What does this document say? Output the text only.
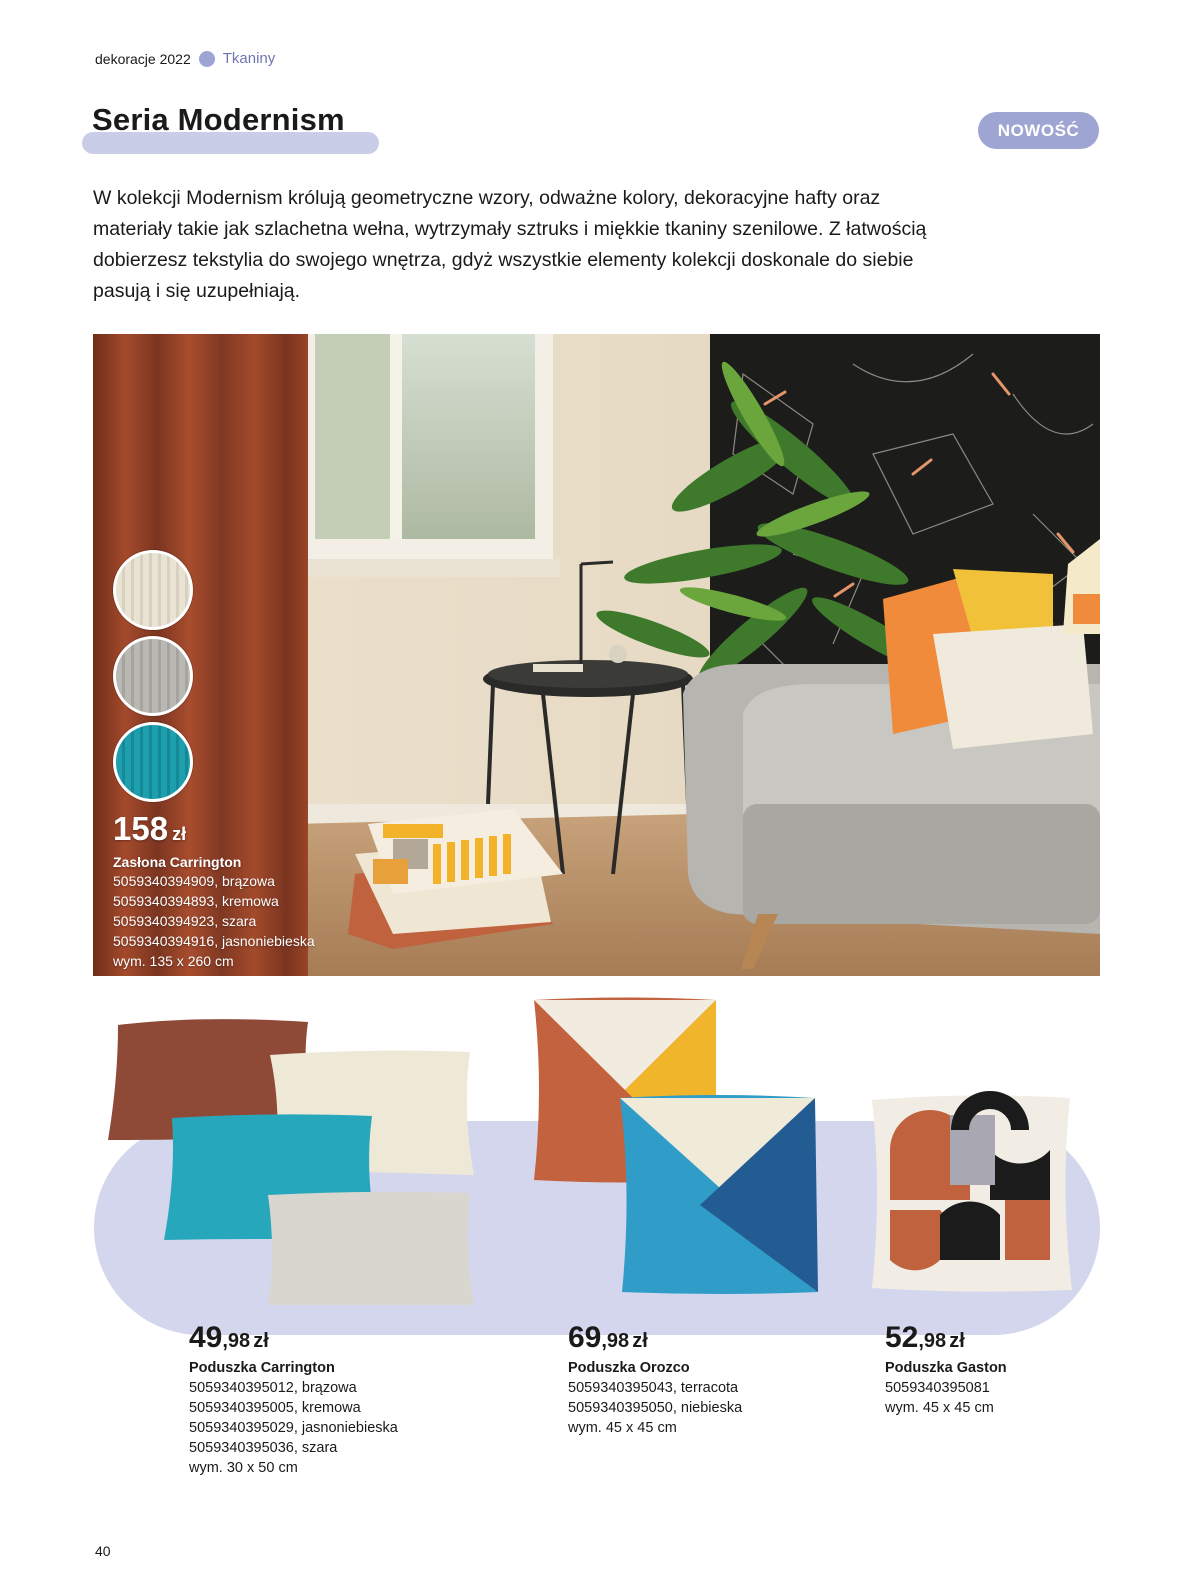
dekoracje 2022 Tkaniny
Seria Modernism	NOWOŚĆ
W kolekcji Modernism królują geometryczne wzory, odważne kolory, dekoracyjne hafty oraz
materiały takie jak szlachetna wełna, wytrzymały sztruks i miękkie tkaniny szenilowe. Z łatwością
dobierzesz tekstylia do swojego wnętrza, gdyż wszystkie elementy kolekcji doskonale do siebie
pasują i się uzupełniają.
158 zł
Zasłona Carrington
5059340394909, brązowa
5059340394893, kremowa
5059340394923, szara
5059340394916, jasnoniebieska
wym. 135 x 260 cm
49,98 zł
Poduszka Carrington
5059340395012, brązowa
5059340395005, kremowa
5059340395029, jasnoniebieska
5059340395036, szara
wym. 30 x 50 cm
69,98 zł
Poduszka Orozco
5059340395043, terracota
5059340395050, niebieska
wym. 45 x 45 cm
52,98 zł
Poduszka Gaston
5059340395081
wym. 45 x 45 cm
40
